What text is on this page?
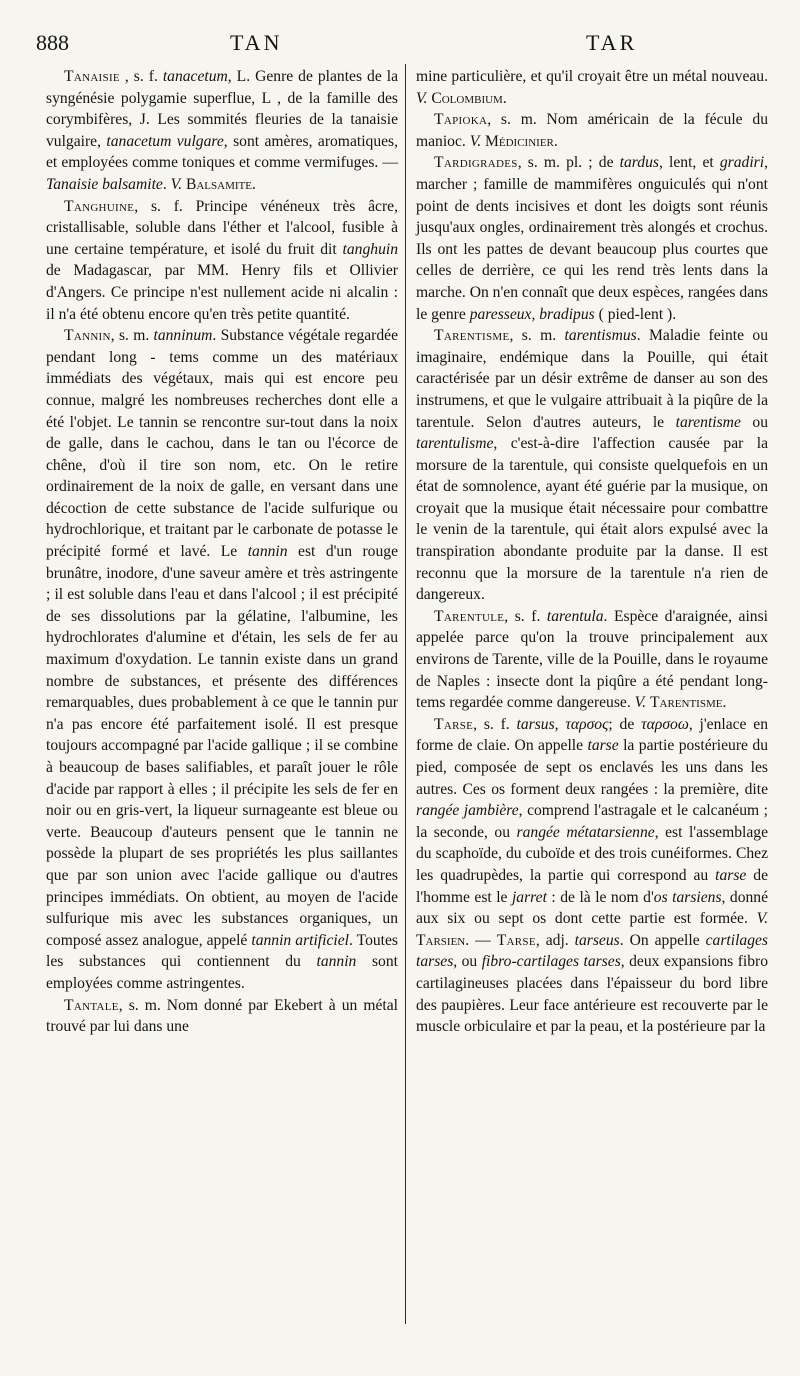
888	TAN	TAR

Tanaisie , s. f. tanacetum, L. Genre de plantes de la syngénésie polygamie superflue, L , de la famille des corymbifères, J. Les sommités fleuries de la tanaisie vulgaire, tanacetum vulgare, sont amères, aromatiques, et employées comme toniques et comme vermifuges. — Tanaisie balsamite. V. Balsamite.

Tanghuine, s. f. Principe vénéneux très âcre, cristallisable, soluble dans l'éther et l'alcool, fusible à une certaine température, et isolé du fruit dit tanghuin de Madagascar, par MM. Henry fils et Ollivier d'Angers. Ce principe n'est nullement acide ni alcalin : il n'a été obtenu encore qu'en très petite quantité.

Tannin, s. m. tanninum. Substance végétale regardée pendant long - tems comme un des matériaux immédiats des végétaux, mais qui est encore peu connue, malgré les nombreuses recherches dont elle a été l'objet. Le tannin se rencontre sur-tout dans la noix de galle, dans le cachou, dans le tan ou l'écorce de chêne, d'où il tire son nom, etc. On le retire ordinairement de la noix de galle, en versant dans une décoction de cette substance de l'acide sulfurique ou hydrochlorique, et traitant par le carbonate de potasse le précipité formé et lavé. Le tannin est d'un rouge brunâtre, inodore, d'une saveur amère et très astringente ; il est soluble dans l'eau et dans l'alcool ; il est précipité de ses dissolutions par la gélatine, l'albumine, les hydrochlorates d'alumine et d'étain, les sels de fer au maximum d'oxydation. Le tannin existe dans un grand nombre de substances, et présente des différences remarquables, dues probablement à ce que le tannin pur n'a pas encore été parfaitement isolé. Il est presque toujours accompagné par l'acide gallique ; il se combine à beaucoup de bases salifiables, et paraît jouer le rôle d'acide par rapport à elles ; il précipite les sels de fer en noir ou en gris-vert, la liqueur surnageante est bleue ou verte. Beaucoup d'auteurs pensent que le tannin ne possède la plupart de ses propriétés les plus saillantes que par son union avec l'acide gallique ou d'autres principes immédiats. On obtient, au moyen de l'acide sulfurique mis avec les substances organiques, un composé assez analogue, appelé tannin artificiel. Toutes les substances qui contiennent du tannin sont employées comme astringentes.

Tantale, s. m. Nom donné par Ekebert à un métal trouvé par lui dans une

mine particulière, et qu'il croyait être un métal nouveau. V. Colombium.

Tapioka, s. m. Nom américain de la fécule du manioc. V. Médicinier.

Tardigrades, s. m. pl. ; de tardus, lent, et gradiri, marcher ; famille de mammifères onguiculés qui n'ont point de dents incisives et dont les doigts sont réunis jusqu'aux ongles, ordinairement très alongés et crochus. Ils ont les pattes de devant beaucoup plus courtes que celles de derrière, ce qui les rend très lents dans la marche. On n'en connaît que deux espèces, rangées dans le genre paresseux, bradipus ( pied-lent ).

Tarentisme, s. m. tarentismus. Maladie feinte ou imaginaire, endémique dans la Pouille, qui était caractérisée par un désir extrême de danser au son des instrumens, et que le vulgaire attribuait à la piqûre de la tarentule. Selon d'autres auteurs, le tarentisme ou tarentulisme, c'est-à-dire l'affection causée par la morsure de la tarentule, qui consiste quelquefois en un état de somnolence, ayant été guérie par la musique, on croyait que la musique était nécessaire pour combattre le venin de la tarentule, qui était alors expulsé avec la transpiration abondante produite par la danse. Il est reconnu que la morsure de la tarentule n'a rien de dangereux.

Tarentule, s. f. tarentula. Espèce d'araignée, ainsi appelée parce qu'on la trouve principalement aux environs de Tarente, ville de la Pouille, dans le royaume de Naples : insecte dont la piqûre a été pendant long-tems regardée comme dangereuse. V. Tarentisme.

Tarse, s. f. tarsus, ταρσος; de ταρσοω, j'enlace en forme de claie. On appelle tarse la partie postérieure du pied, composée de sept os enclavés les uns dans les autres. Ces os forment deux rangées : la première, dite rangée jambière, comprend l'astragale et le calcanéum ; la seconde, ou rangée métatarsienne, est l'assemblage du scaphoïde, du cuboïde et des trois cunéiformes. Chez les quadrupèdes, la partie qui correspond au tarse de l'homme est le jarret : de là le nom d'os tarsiens, donné aux six ou sept os dont cette partie est formée. V. Tarsien. — Tarse, adj. tarseus. On appelle cartilages tarses, ou fibro-cartilages tarses, deux expansions fibro cartilagineuses placées dans l'épaisseur du bord libre des paupières. Leur face antérieure est recouverte par le muscle orbiculaire et par la peau, et la postérieure par la
